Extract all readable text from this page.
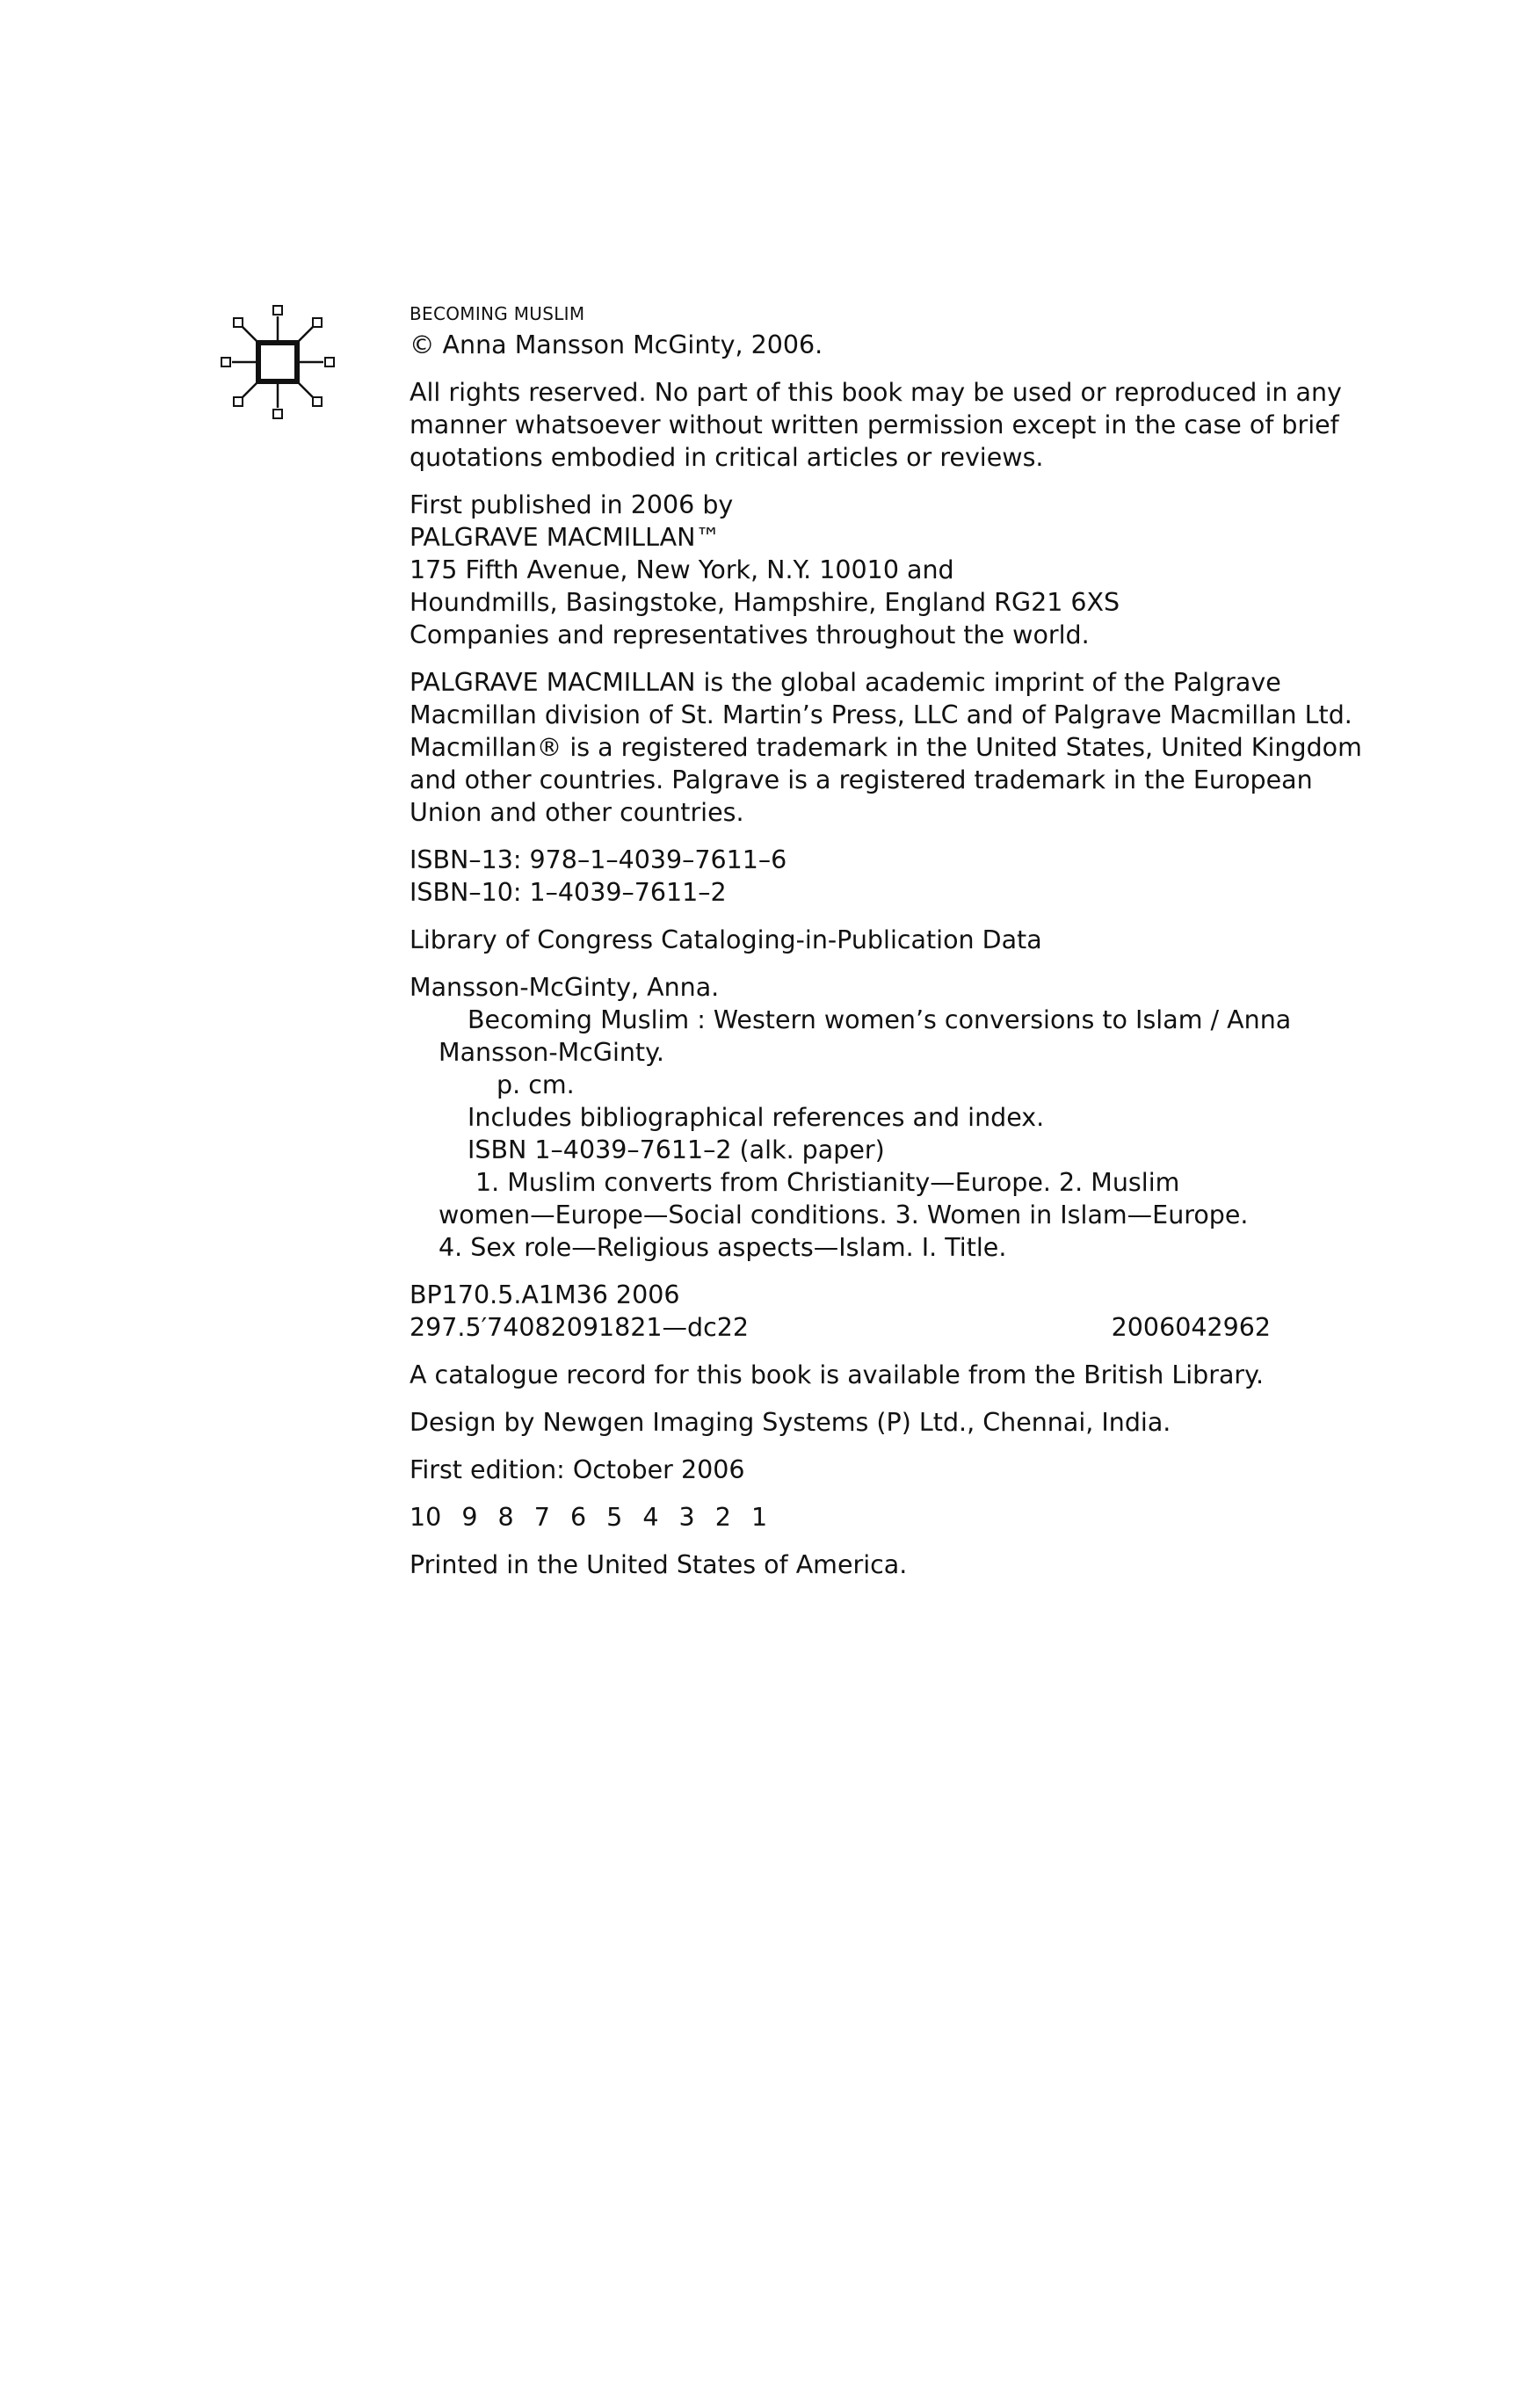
BECOMING MUSLIM
© Anna Mansson McGinty, 2006.
All rights reserved. No part of this book may be used or reproduced in any
manner whatsoever without written permission except in the case of brief
quotations embodied in critical articles or reviews.
First published in 2006 by
PALGRAVE MACMILLAN™
175 Fifth Avenue, New York, N.Y. 10010 and
Houndmills, Basingstoke, Hampshire, England RG21 6XS
Companies and representatives throughout the world.
PALGRAVE MACMILLAN is the global academic imprint of the Palgrave
Macmillan division of St. Martin’s Press, LLC and of Palgrave Macmillan Ltd.
Macmillan® is a registered trademark in the United States, United Kingdom
and other countries. Palgrave is a registered trademark in the European
Union and other countries.
ISBN–13: 978–1–4039–7611–6
ISBN–10: 1–4039–7611–2
Library of Congress Cataloging-in-Publication Data
Mansson-McGinty, Anna.
Becoming Muslim : Western women’s conversions to Islam / Anna
Mansson-McGinty.
p. cm.
Includes bibliographical references and index.
ISBN 1–4039–7611–2 (alk. paper)
1. Muslim converts from Christianity—Europe. 2. Muslim
women—Europe—Social conditions. 3. Women in Islam—Europe.
4. Sex role—Religious aspects—Islam. I. Title.
BP170.5.A1M36 2006
297.5′74082091821—dc22	2006042962
A catalogue record for this book is available from the British Library.
Design by Newgen Imaging Systems (P) Ltd., Chennai, India.
First edition: October 2006
10 9 8 7 6 5 4 3 2 1
Printed in the United States of America.
